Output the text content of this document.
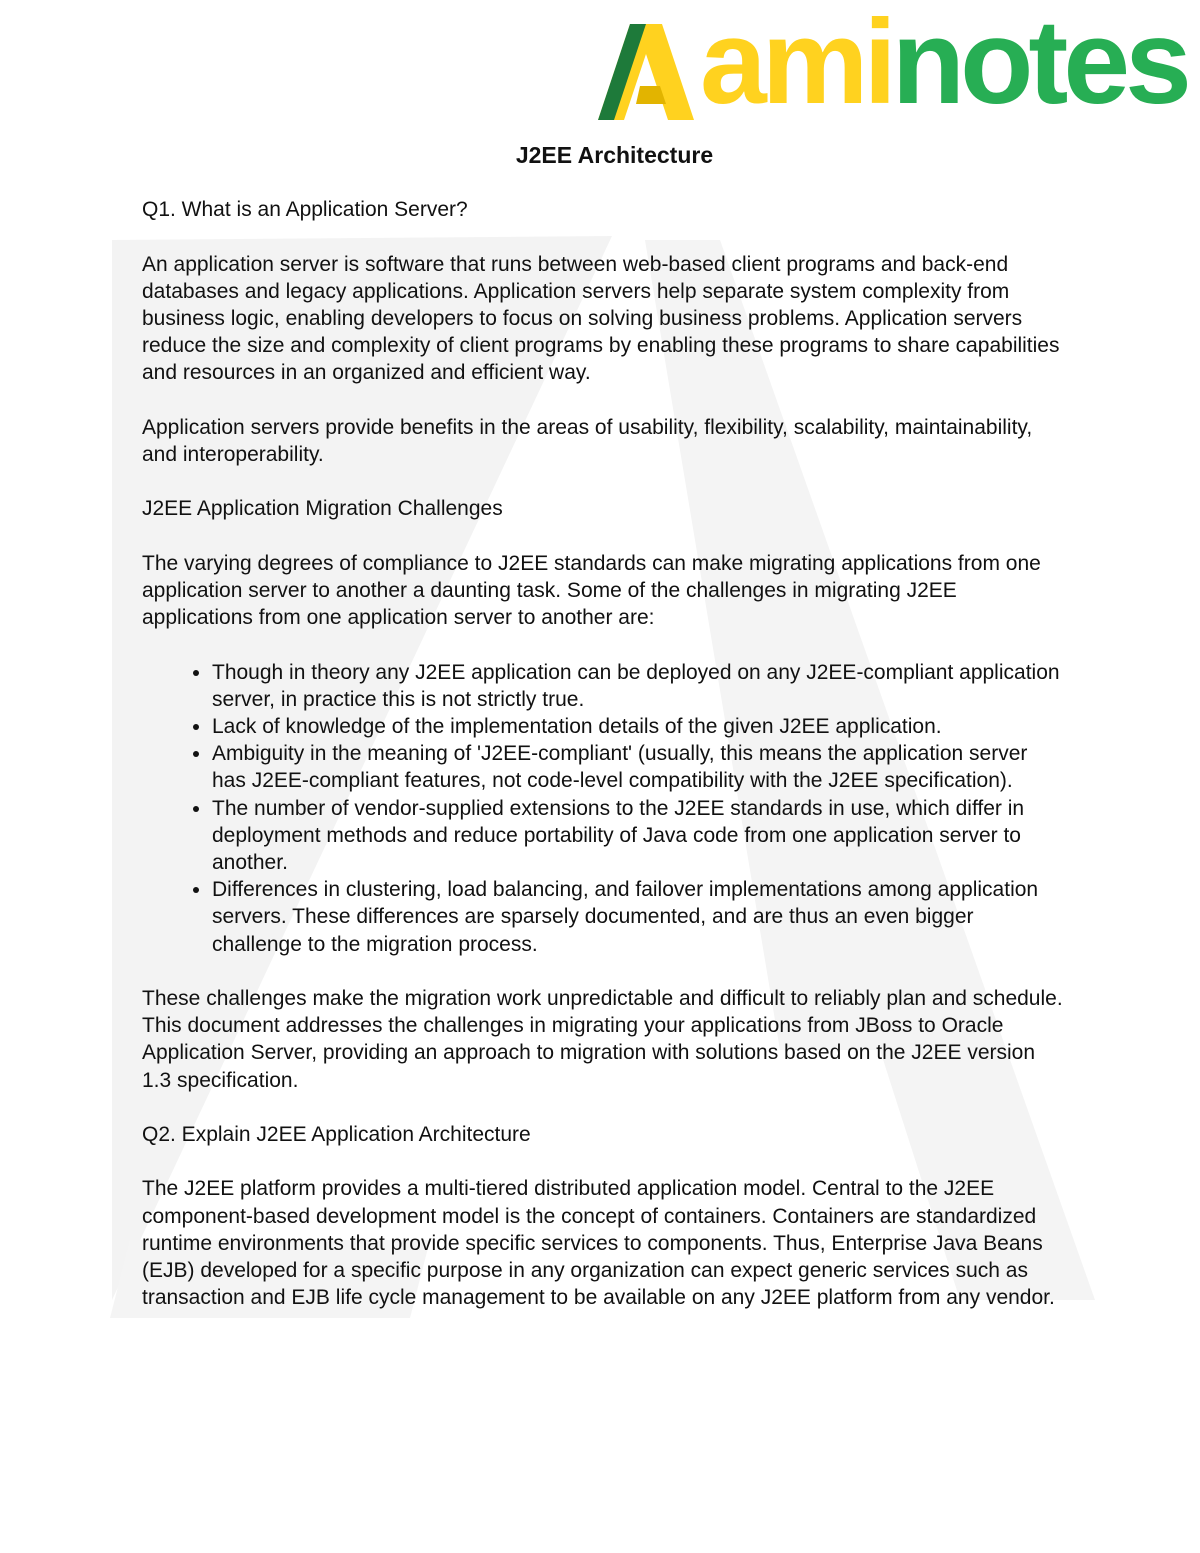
aminotes
J2EE Architecture

Q1. What is an Application Server?

An application server is software that runs between web-based client programs and back-end databases and legacy applications. Application servers help separate system complexity from business logic, enabling developers to focus on solving business problems. Application servers reduce the size and complexity of client programs by enabling these programs to share capabilities and resources in an organized and efficient way.

Application servers provide benefits in the areas of usability, flexibility, scalability, maintainability, and interoperability.

J2EE Application Migration Challenges

The varying degrees of compliance to J2EE standards can make migrating applications from one application server to another a daunting task. Some of the challenges in migrating J2EE applications from one application server to another are:

• Though in theory any J2EE application can be deployed on any J2EE-compliant application server, in practice this is not strictly true.
• Lack of knowledge of the implementation details of the given J2EE application.
• Ambiguity in the meaning of 'J2EE-compliant' (usually, this means the application server has J2EE-compliant features, not code-level compatibility with the J2EE specification).
• The number of vendor-supplied extensions to the J2EE standards in use, which differ in deployment methods and reduce portability of Java code from one application server to another.
• Differences in clustering, load balancing, and failover implementations among application servers. These differences are sparsely documented, and are thus an even bigger challenge to the migration process.

These challenges make the migration work unpredictable and difficult to reliably plan and schedule. This document addresses the challenges in migrating your applications from JBoss to Oracle Application Server, providing an approach to migration with solutions based on the J2EE version 1.3 specification.

Q2. Explain J2EE Application Architecture

The J2EE platform provides a multi-tiered distributed application model. Central to the J2EE component-based development model is the concept of containers. Containers are standardized runtime environments that provide specific services to components. Thus, Enterprise Java Beans (EJB) developed for a specific purpose in any organization can expect generic services such as transaction and EJB life cycle management to be available on any J2EE platform from any vendor.
